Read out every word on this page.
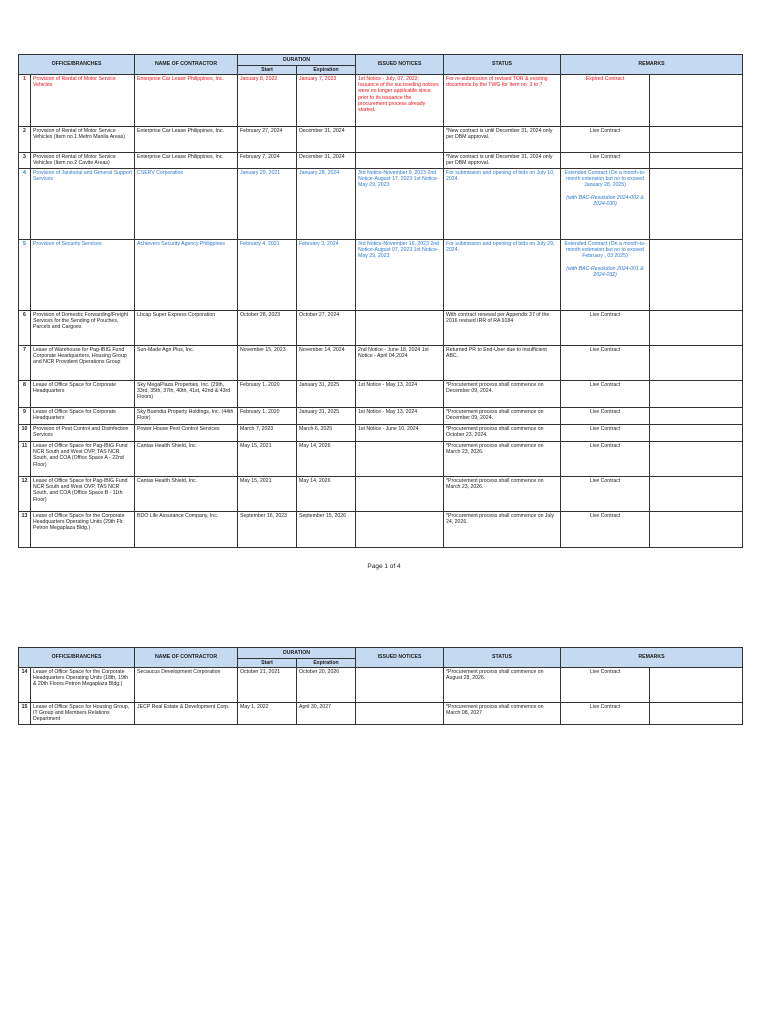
OFFICE/BRANCHES		NAME OF CONTRACTOR	DURATION		ISSUED NOTICES	STATUS	REMARKS	
			Start	Expiration				
1	Provision of Rental of Motor Service Vehicles	Enterprise Car Lease Philippines, Inc.	January 8, 2022	January 7, 2023	1st Notice - July, 07, 2022; Issuance of the succeeding notices were no longer applicable since prior to its issuance the procurement process already started.	For re-submission of revised TOR & existing documents by the TWG for Item no. 3 to 7.	Expired Contract	
2	Provision of Rental of Motor Service Vehicles (Item no.1 Metro Manila Areas)	Enterprise Car Lease Philippines, Inc.	February 27, 2024	December 31, 2024		*New contract is until December 31, 2024 only per DBM approval.	Live Contract	
3	Provision of Rental of Motor Service Vehicles (Item no.2 Cavite Areas)	Enterprise Car Lease Philippines, Inc.	February 7, 2024	December 31, 2024		*New contract is until December 31, 2024 only per DBM approval.	Live Contract	
4	Provision of Janitorial and General Support Services	CSERV Corporation	January 29, 2021	January 28, 2024	3rd Notice-November 9, 2023 2nd Notice-August 17, 2023 1st Notice-May 29, 2023	For submission and opening of bids on July 10, 2024.	Extended Contract (On a month-to-month extension but no to exceed January 28, 2025)
(with BAC-Resolution 2024-002 & 2024-030)	

5	Provision of Security Services	Achievers Security Agency Philippines	February 4, 2021	February 3, 2024	3rd Notice-November 16, 2023 2nd Notice-August 07, 2023 1st Notice-May 29, 2023	For submission and opening of bids on July 29, 2024.	Extended Contract (On a month-to-month extension but no to exceed February , 03 2025)
(with BAC-Resolution 2024-001 & 2024-032)	

6	Provision of Domestic Forwarding/Freight Services for the Sending of Pouches, Parcels and Cargoes	Lbcap Super Express Corporation	October 28, 2023	October 27, 2024		With contract renewal per Appendix 37 of the 2016 revised IRR of RA 9184	Live Contract	
7	Lease of Warehouse for Pag-IBIG Fund Corporate Headquarters, Housing Group and NCR Provident Operations Group	Sun-Made Agri Plus, Inc.	November 15, 2023	November 14, 2024	2nd Notice - June 18, 2024 1st Notice - April 04,2024	Returned PR to End-User due to insufficient ABC.	Live Contract	
8	Lease of Office Space for Corporate Headquarters	Sky MegaPlaza Properties, Inc. (29th, 33rd, 35th, 37th, 40th, 41st, 42nd & 43rd Floors)	February 1, 2020	January 31, 2025	1st Notice - May 13, 2024	*Procurement process shall commence on December 09, 2024.	Live Contract	
9	Lease of Office Space for Corporate Headquarters	Sky Buendia Property Holdings, Inc. (44th Floor)	February 1, 2020	January 31, 2025	1st Notice - May 13, 2024	*Procurement process shall commence on December 09, 2024.	Live Contract	
10	Provision of Pest Control and Disinfection Services	Power House Pest Control Services	March 7, 2023	March 6, 2025	1st Notice - June 10, 2024	*Procurement process shall commence on October 23, 2024.	Live Contract	
11	Lease of Office Space for Pag-IBIG Fund NCR South and West OVP, TAS NCR South, and COA (Office Space A - 22nd Floor)	Cantas Health Shield, Inc.	May 15, 2021	May 14, 2026		*Procurement process shall commence on March 23, 2026.	Live Contract	
12	Lease of Office Space for Pag-IBIG Fund NCR South and West OVP, TAS NCR South, and COA (Office Space B - 11th Floor)	Cantas Health Shield, Inc.	May 15, 2021	May 14, 2026		*Procurement process shall commence on March 23, 2026.	Live Contract	
13	Lease of Office Space for the Corporate Headquarters Operating Units (29th Flr. Petron Megaplaza Bldg.)	BDO Life Assurance Company, Inc.	September 16, 2023	September 15, 2026		*Procurement process shall commence on July 24, 2026.	Live Contract	
Page 1 of 4
OFFICE/BRANCHES		NAME OF CONTRACTOR	DURATION		ISSUED NOTICES	STATUS	REMARKS	
			Start	Expiration				
14	Lease of Office Space for the Corporate Headquarters Operating Units (18th, 19th & 20th Floors Petron Megaplaza Bldg.)	Secaucus Development Corporation	October 21, 2021	October 20, 2026		*Procurement process shall commence on August 28, 2026.	Live Contract	
15	Lease of Office Space for Housing Group, IT Group and Members Relations Department	JECP Real Estate & Development Corp.	May 1, 2022	April 30, 2027		*Procurement process shall commence on March 08, 2027	Live Contract	
